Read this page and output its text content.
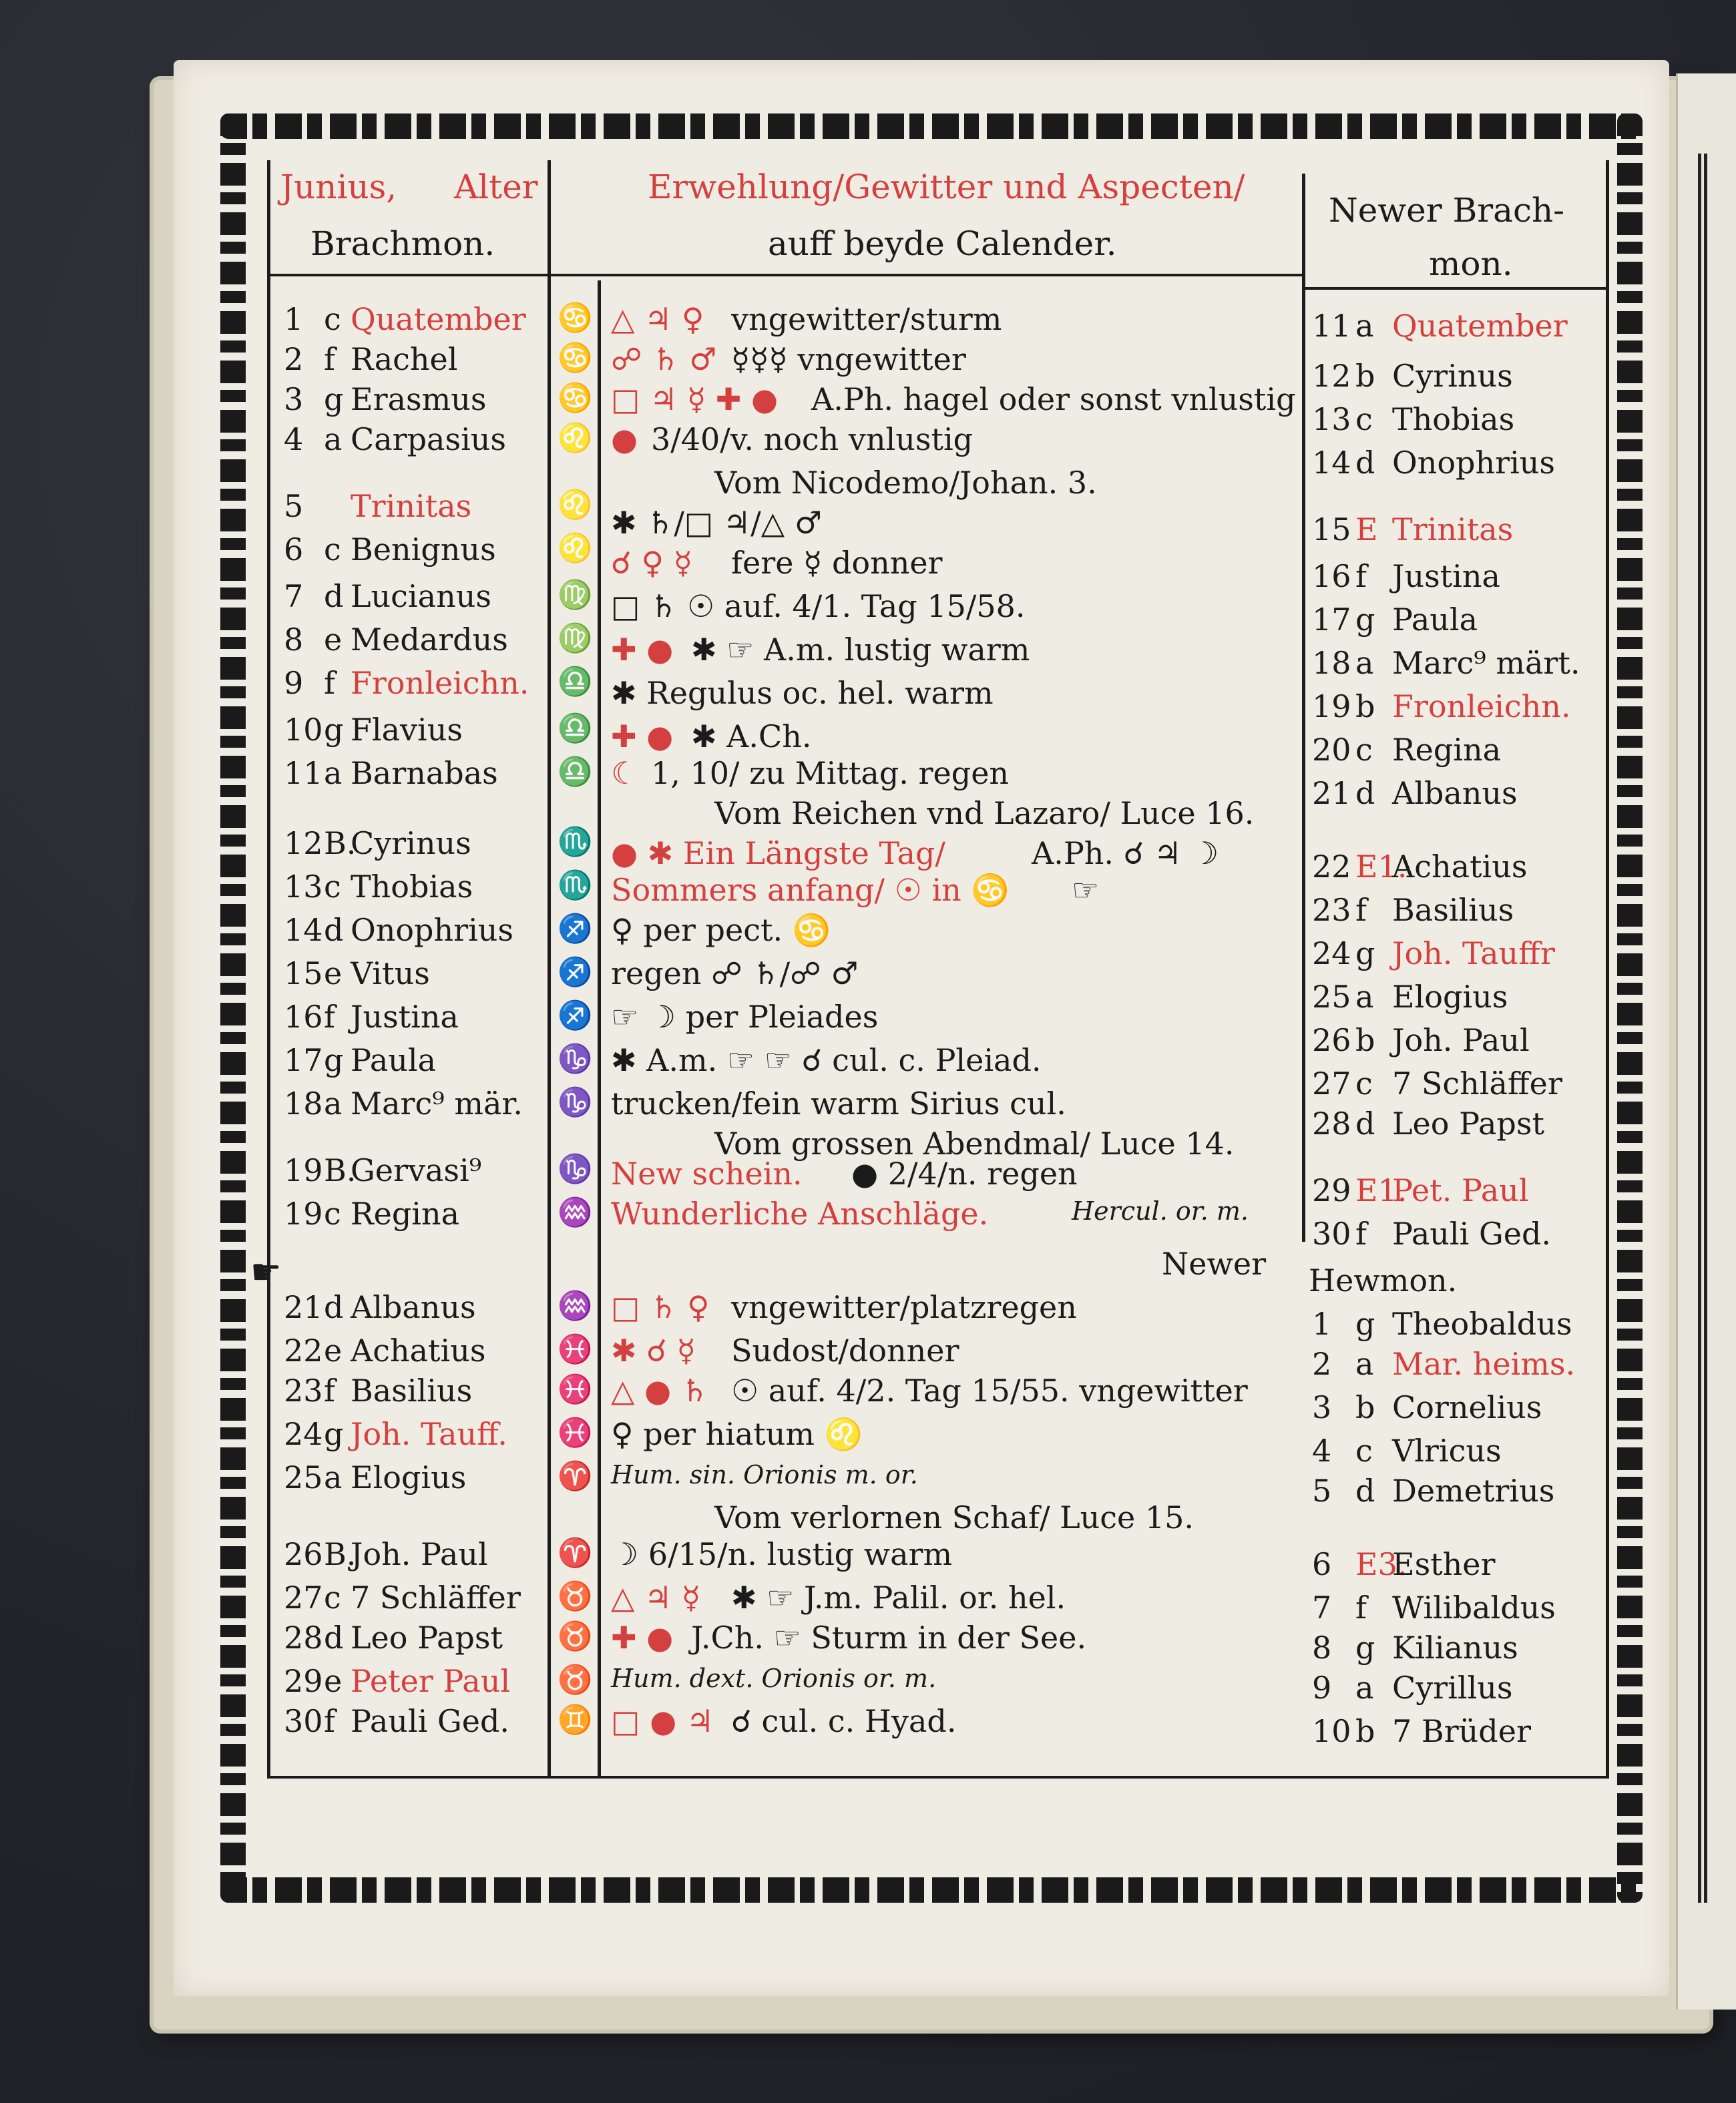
Junius, Alter
Brachmon.
Erwehlung/Gewitter und Aspecten/
auff beyde Calender.
Newer Brach-
mon.
1 c Quatember
2 f Rachel
3 g Erasmus
4 a Carpasius
5 Trinitas
6 c Benignus
7 d Lucianus
8 e Medardus
9 f Fronleichn.
10 g Flavius
11 a Barnabas
12 B.
Cyrinus
13 c Thobias
14 d Onophrius
15 e Vitus
16 f Justina
17 g Paula
18 a Marc⁹ mär.
19 B.
Gervasi⁹
19 c Regina
21 d Albanus
22 e Achatius
23 f Basilius
24 g Joh. Tauff.
25 a Elogius
26 B.
Joh. Paul
27 c 7 Schläffer
28 d Leo Papst
29 e Peter Paul
30 f Pauli Ged.
♋
♋
♋
♌
♌
♌
♍
♍
♎
♎
♎
♏
♏
♐
♐
♐
♑
♑
♑
♒
♒
♓
♓
♓
♈
♈
♉
♉
♉
♊
△ ♃ ♀ vngewitter/sturm
☍ ♄ ♂ ☿☿☿ vngewitter
□ ♃ ☿ ✚ ● A.Ph. hagel oder sonst vnlustig
● 3/40/v. noch vnlustig
Vom Nicodemo/Johan. 3.
✱ ♄/□ ♃/△ ♂
☌ ♀ ☿ fere ☿ donner
□ ♄ ☉ auf. 4/1. Tag 15/58.
✚ ● ✱ ☞ A.m. lustig warm
✱ Regulus oc. hel. warm
✚ ● ✱ A.Ch.
☾ 1, 10/ zu Mittag. regen
Vom Reichen vnd Lazaro/ Luce 16.
● ✱ Ein Längste Tag/	A.Ph. ☌ ♃ ☽
Sommers anfang/ ☉ in ♋ ☞
♀ per pect. ♋
regen ☍ ♄/☍ ♂
☞ ☽ per Pleiades
✱ A.m. ☞ ☞ ☌ cul. c. Pleiad.
trucken/fein warm Sirius cul.
Vom grossen Abendmal/ Luce 14.
New schein. ● 2/4/n. regen
Wunderliche Anschläge.	Hercul. or. m.
Newer
□ ♄ ♀ vngewitter/platzregen
✱ ☌ ☿ Sudost/donner
△ ● ♄ ☉ auf. 4/2. Tag 15/55. vngewitter
♀ per hiatum ♌
Hum. sin. Orionis m. or.
Vom verlornen Schaf/ Luce 15.
☽ 6/15/n. lustig warm
△ ♃ ☿ ✱ ☞ J.m. Palil. or. hel.
✚ ● J.Ch. ☞ Sturm in der See.
Hum. dext. Orionis or. m.
□ ● ♃ ☌ cul. c. Hyad.
11 a Quatember
12 b Cyrinus
13 c Thobias
14 d Onophrius
15 E Trinitas
16 f Justina
17 g Paula
18 a Marc⁹ märt.
19 b Fronleichn.
20 c Regina
21 d Albanus
22 E1.
Achatius
23 f Basilius
24 g Joh. Tauffr
25 a Elogius
26 b Joh. Paul
27 c 7 Schläffer
28 d Leo Papst
29 E1.
Pet. Paul
30 f Pauli Ged.
Hewmon.
1 g Theobaldus
2 a Mar. heims.
3 b Cornelius
4 c Vlricus
5 d Demetrius
6 E3.
Esther
7 f Wilibaldus
8 g Kilianus
9 a Cyrillus
10 b 7 Brüder
☛
